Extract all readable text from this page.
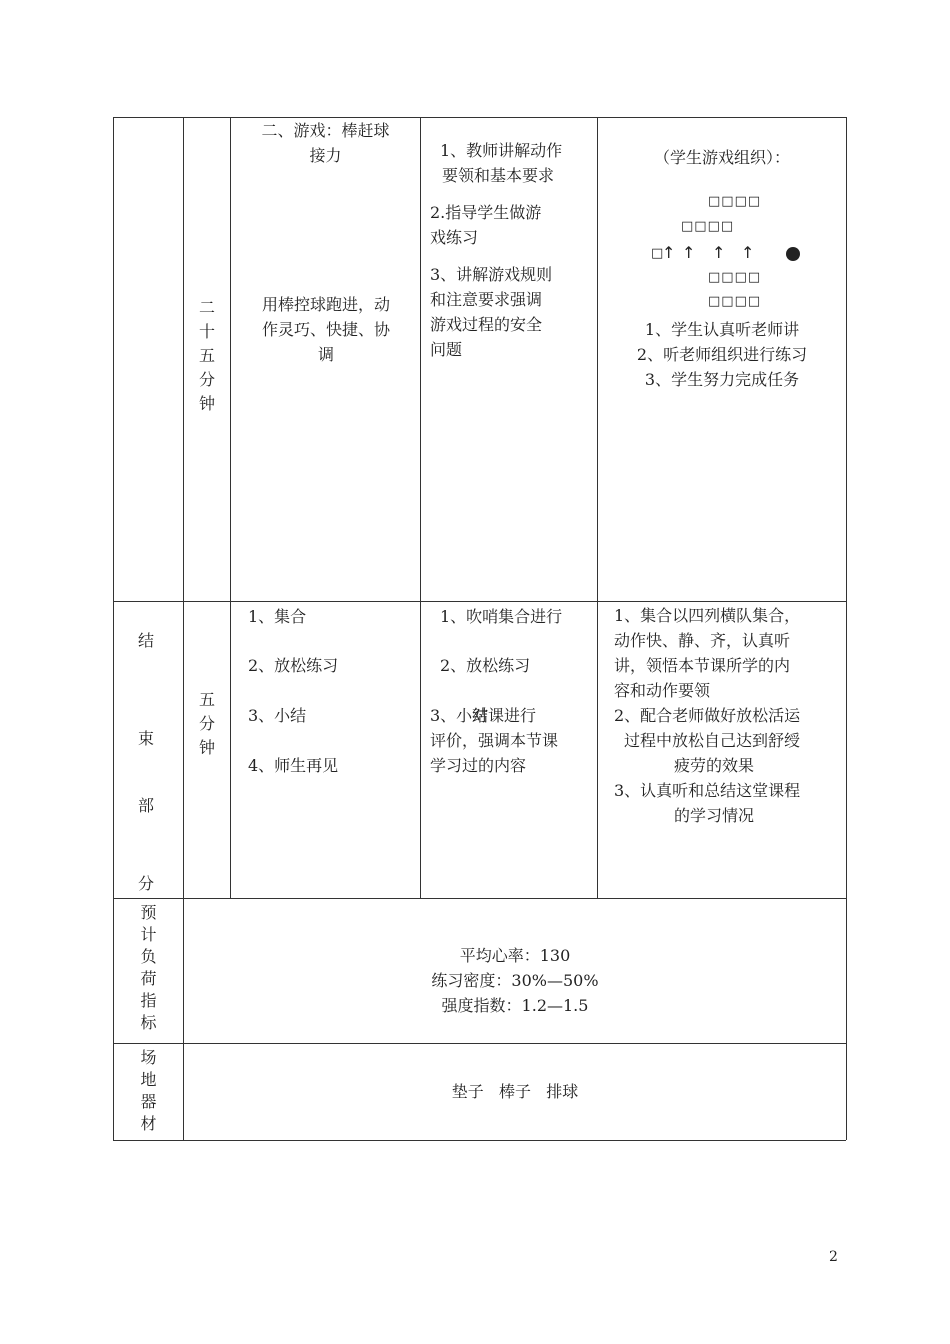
二
十
五
分
钟
二、游戏：棒赶球
接力
用棒控球跑进，动
作灵巧、快捷、协
调
1、教师讲解动作
要领和基本要求
2.指导学生做游
戏练习
3、讲解游戏规则
和注意要求强调
游戏过程的安全
问题
（学生游戏组织）：
□□□□
□□□□
□
↑ ↑ ↑ ↑
□□□□
□□□□
1、学生认真听老师讲
2、听老师组织进行练习
3、学生努力完成任务
结
束
部
分
五
分
钟
1、集合
2、放松练习
3、小结
4、师生再见
1、吹哨集合进行
2、放松练习
3、小结
对课进行
评价，强调本节课
学习过的内容
1、集合以四列横队集合，
动作快、静、齐，认真听
讲，领悟本节课所学的内
容和动作要领
2、配合老师做好放松活运
过程中放松自己达到舒绶
疲劳的效果
3、认真听和总结这堂课程
的学习情况
预
计
负
荷
指
标
平均心率：130
练习密度：30%—50%
强度指数：1.2—1.5
场
地
器
材
垫子   棒子   排球
2
